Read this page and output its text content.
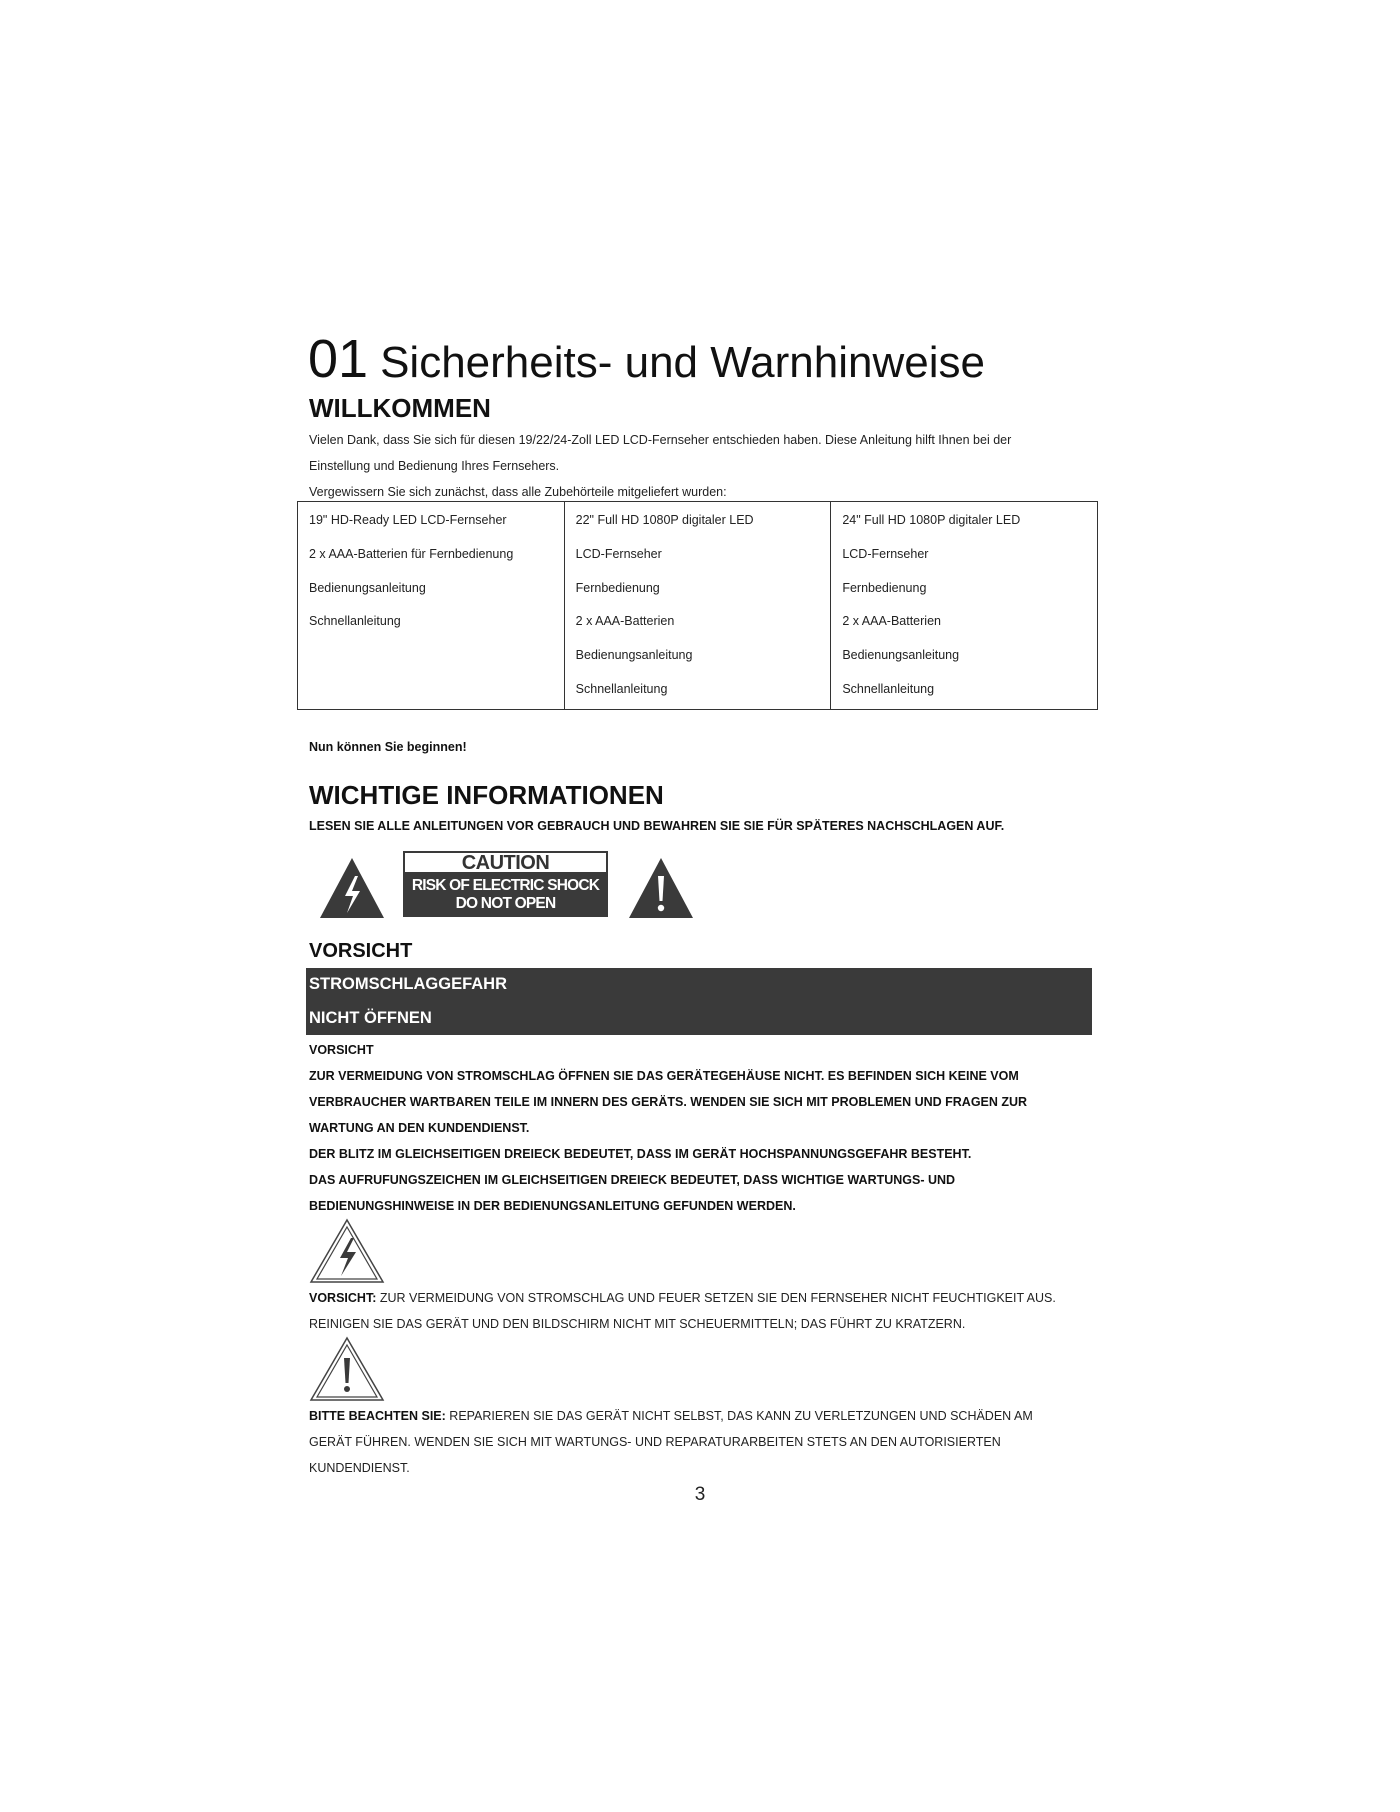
01 Sicherheits- und Warnhinweise
WILLKOMMEN
Vielen Dank, dass Sie sich für diesen 19/22/24-Zoll LED LCD-Fernseher entschieden haben. Diese Anleitung hilft Ihnen bei der
Einstellung und Bedienung Ihres Fernsehers.
Vergewissern Sie sich zunächst, dass alle Zubehörteile mitgeliefert wurden:
19" HD-Ready LED LCD-Fernseher
2 x AAA-Batterien für Fernbedienung
Bedienungsanleitung
Schnellanleitung

22" Full HD 1080P digitaler LED
LCD-Fernseher
Fernbedienung
2 x AAA-Batterien
Bedienungsanleitung
Schnellanleitung

24" Full HD 1080P digitaler LED
LCD-Fernseher
Fernbedienung
2 x AAA-Batterien
Bedienungsanleitung
Schnellanleitung
Nun können Sie beginnen!
WICHTIGE INFORMATIONEN
LESEN SIE ALLE ANLEITUNGEN VOR GEBRAUCH UND BEWAHREN SIE SIE FÜR SPÄTERES NACHSCHLAGEN AUF.
CAUTION
RISK OF ELECTRIC SHOCK
DO NOT OPEN
VORSICHT
STROMSCHLAGGEFAHR
NICHT ÖFFNEN
VORSICHT
ZUR VERMEIDUNG VON STROMSCHLAG ÖFFNEN SIE DAS GERÄTEGEHÄUSE NICHT. ES BEFINDEN SICH KEINE VOM
VERBRAUCHER WARTBAREN TEILE IM INNERN DES GERÄTS. WENDEN SIE SICH MIT PROBLEMEN UND FRAGEN ZUR
WARTUNG AN DEN KUNDENDIENST.
DER BLITZ IM GLEICHSEITIGEN DREIECK BEDEUTET, DASS IM GERÄT HOCHSPANNUNGSGEFAHR BESTEHT.
DAS AUFRUFUNGSZEICHEN IM GLEICHSEITIGEN DREIECK BEDEUTET, DASS WICHTIGE WARTUNGS- UND
BEDIENUNGSHINWEISE IN DER BEDIENUNGSANLEITUNG GEFUNDEN WERDEN.
VORSICHT: ZUR VERMEIDUNG VON STROMSCHLAG UND FEUER SETZEN SIE DEN FERNSEHER NICHT FEUCHTIGKEIT AUS.
REINIGEN SIE DAS GERÄT UND DEN BILDSCHIRM NICHT MIT SCHEUERMITTELN; DAS FÜHRT ZU KRATZERN.
BITTE BEACHTEN SIE: REPARIEREN SIE DAS GERÄT NICHT SELBST, DAS KANN ZU VERLETZUNGEN UND SCHÄDEN AM
GERÄT FÜHREN. WENDEN SIE SICH MIT WARTUNGS- UND REPARATURARBEITEN STETS AN DEN AUTORISIERTEN
KUNDENDIENST.
3
